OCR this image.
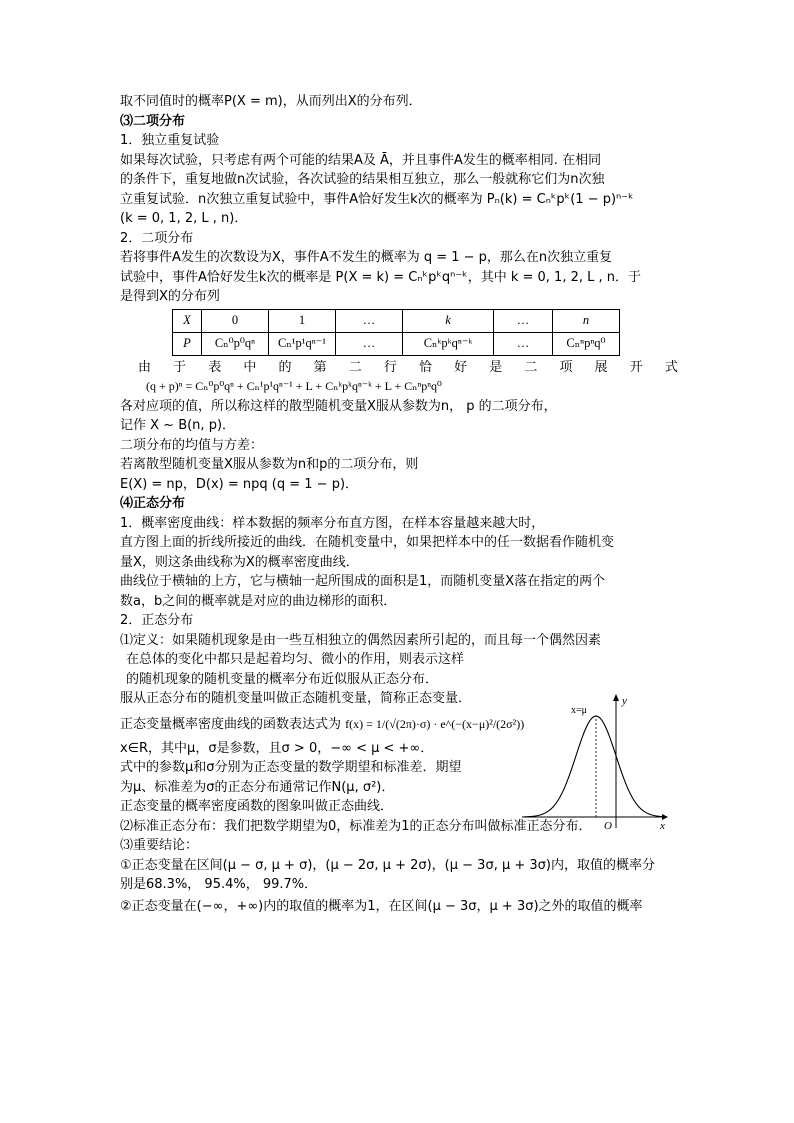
取不同值时的概率P(X = m)，从而列出X的分布列．
⑶二项分布
1．独立重复试验
如果每次试验，只考虑有两个可能的结果A及 Ā，并且事件A发生的概率相同. 在相同
的条件下，重复地做n次试验，各次试验的结果相互独立，那么一般就称它们为n次独
立重复试验．n次独立重复试验中，事件A恰好发生k次的概率为 Pₙ(k) = Cₙᵏpᵏ(1 − p)ⁿ⁻ᵏ
(k = 0, 1, 2, L , n)．
2．二项分布
若将事件A发生的次数设为X，事件A不发生的概率为 q = 1 − p，那么在n次独立重复
试验中，事件A恰好发生k次的概率是 P(X = k) = Cₙᵏpᵏqⁿ⁻ᵏ，其中 k = 0, 1, 2, L , n．于
是得到X的分布列
X	0	1	…	k	…	n
P	Cₙ⁰p⁰qⁿ	Cₙ¹p¹qⁿ⁻¹	…	Cₙᵏpᵏqⁿ⁻ᵏ	…	Cₙⁿpⁿq⁰
由 于 表 中 的 第 二 行 恰 好 是 二 项 展 开 式
(q + p)ⁿ = Cₙ⁰p⁰qⁿ + Cₙ¹p¹qⁿ⁻¹ + L + Cₙᵏpᵏqⁿ⁻ᵏ + L + Cₙⁿpⁿq⁰
各对应项的值，所以称这样的散型随机变量X服从参数为n， p 的二项分布，
记作 X ~ B(n, p)．
二项分布的均值与方差：
若离散型随机变量X服从参数为n和p的二项分布，则
E(X) = np，D(x) = npq (q = 1 − p)．
⑷正态分布
1．概率密度曲线：样本数据的频率分布直方图，在样本容量越来越大时，
直方图上面的折线所接近的曲线．在随机变量中，如果把样本中的任一数据看作随机变
量X，则这条曲线称为X的概率密度曲线．
曲线位于横轴的上方，它与横轴一起所围成的面积是1，而随机变量X落在指定的两个
数a，b之间的概率就是对应的曲边梯形的面积．
2．正态分布
⑴定义：如果随机现象是由一些互相独立的偶然因素所引起的，而且每一个偶然因素
在总体的变化中都只是起着均匀、微小的作用，则表示这样
的随机现象的随机变量的概率分布近似服从正态分布．
服从正态分布的随机变量叫做正态随机变量，简称正态变量．
正态变量概率密度曲线的函数表达式为 f(x) = 1/(√(2π)·σ) · e^(−(x−μ)²/(2σ²))
x∈R，其中μ，σ是参数，且σ > 0，−∞ < μ < +∞．
式中的参数μ和σ分别为正态变量的数学期望和标准差．期望
为μ、标准差为σ的正态分布通常记作N(μ, σ²)．
正态变量的概率密度函数的图象叫做正态曲线．
⑵标准正态分布：我们把数学期望为0，标准差为1的正态分布叫做标准正态分布．
⑶重要结论：
①正态变量在区间(μ − σ, μ + σ)，(μ − 2σ, μ + 2σ)，(μ − 3σ, μ + 3σ)内，取值的概率分
别是68.3%， 95.4%， 99.7%．
②正态变量在(−∞，+∞)内的取值的概率为1，在区间(μ − 3σ，μ + 3σ)之外的取值的概率
x=μ
y
x
O
